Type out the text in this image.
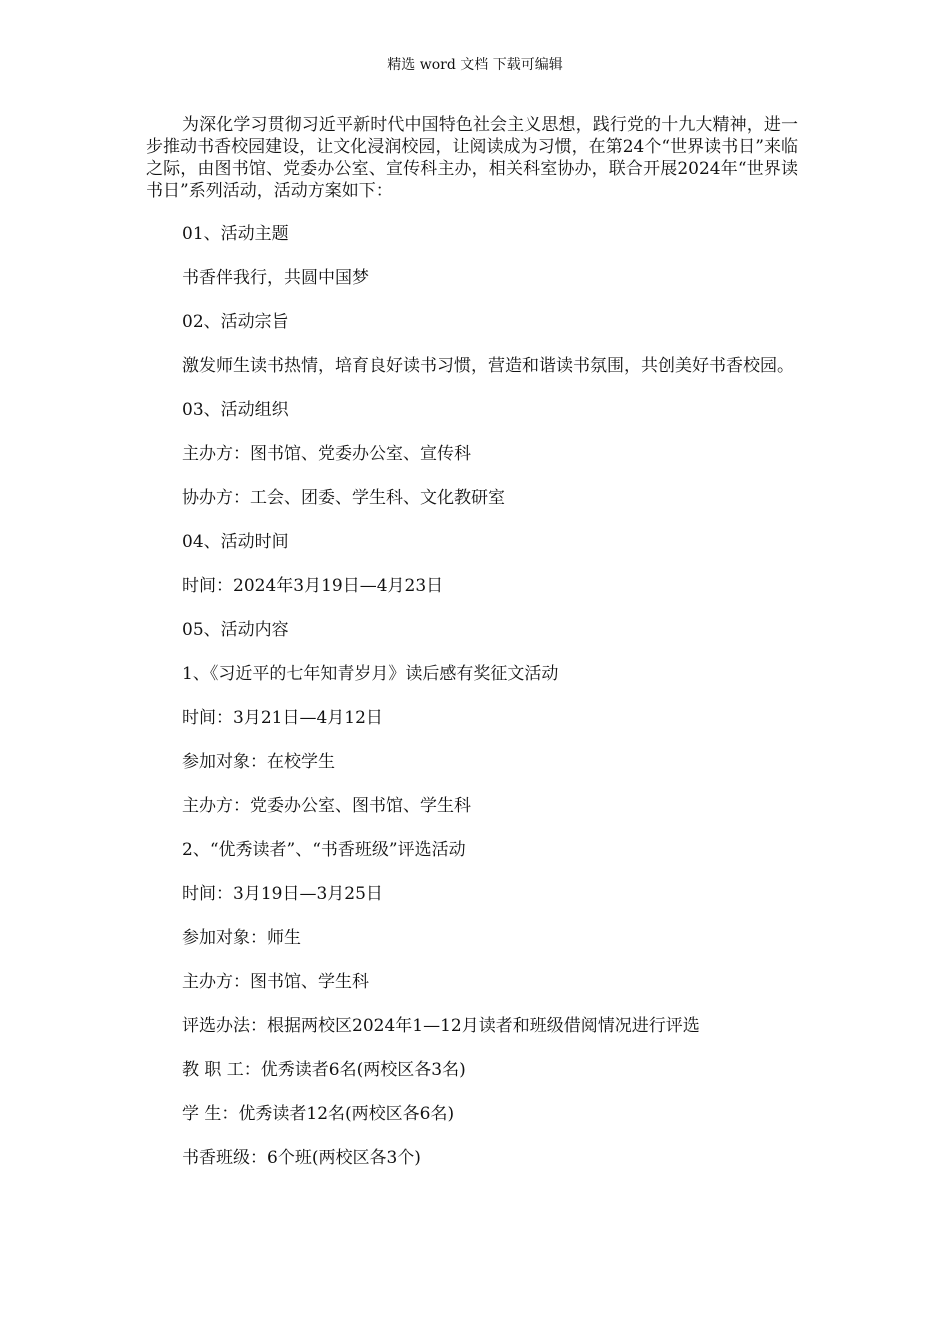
精选 word 文档 下载可编辑

为深化学习贯彻习近平新时代中国特色社会主义思想，践行党的十九大精神，进一步推动书香校园建设，让文化浸润校园，让阅读成为习惯，在第24个“世界读书日”来临之际，由图书馆、党委办公室、宣传科主办，相关科室协办，联合开展2024年“世界读书日”系列活动，活动方案如下：

01、活动主题

书香伴我行，共圆中国梦

02、活动宗旨

激发师生读书热情，培育良好读书习惯，营造和谐读书氛围，共创美好书香校园。

03、活动组织

主办方：图书馆、党委办公室、宣传科

协办方：工会、团委、学生科、文化教研室

04、活动时间

时间：2024年3月19日—4月23日

05、活动内容

1、《习近平的七年知青岁月》读后感有奖征文活动

时间：3月21日—4月12日

参加对象：在校学生

主办方：党委办公室、图书馆、学生科

2、“优秀读者”、“书香班级”评选活动

时间：3月19日—3月25日

参加对象：师生

主办方：图书馆、学生科

评选办法：根据两校区2024年1—12月读者和班级借阅情况进行评选

教 职 工：优秀读者6名(两校区各3名)

学 生：优秀读者12名(两校区各6名)

书香班级：6个班(两校区各3个)
